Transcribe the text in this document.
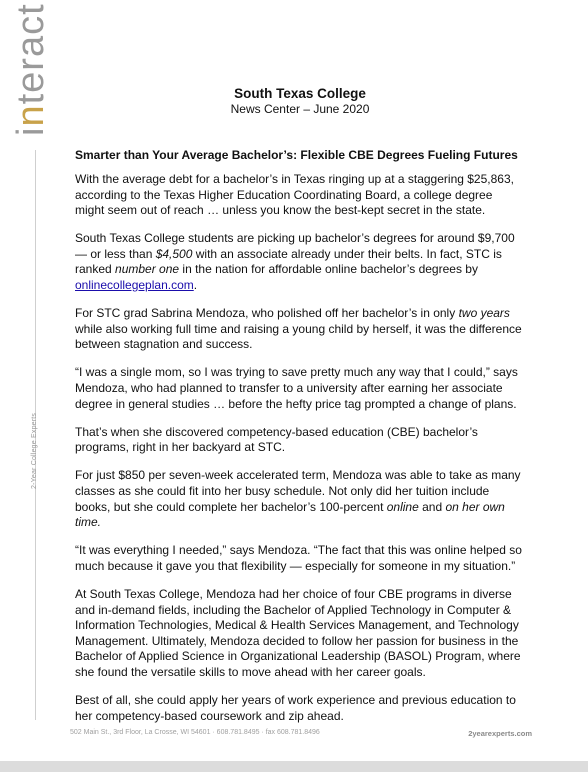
interact
2-Year College Experts
South Texas College
News Center – June 2020
Smarter than Your Average Bachelor’s: Flexible CBE Degrees Fueling Futures

With the average debt for a bachelor’s in Texas ringing up at a staggering $25,863, according to the Texas Higher Education Coordinating Board, a college degree might seem out of reach … unless you know the best-kept secret in the state.

South Texas College students are picking up bachelor’s degrees for around $9,700 — or less than $4,500 with an associate already under their belts. In fact, STC is ranked number one in the nation for affordable online bachelor’s degrees by onlinecollegeplan.com.

For STC grad Sabrina Mendoza, who polished off her bachelor’s in only two years while also working full time and raising a young child by herself, it was the difference between stagnation and success.

“I was a single mom, so I was trying to save pretty much any way that I could,” says Mendoza, who had planned to transfer to a university after earning her associate degree in general studies … before the hefty price tag prompted a change of plans.

That’s when she discovered competency-based education (CBE) bachelor’s programs, right in her backyard at STC.

For just $850 per seven-week accelerated term, Mendoza was able to take as many classes as she could fit into her busy schedule. Not only did her tuition include books, but she could complete her bachelor’s 100-percent online and on her own time.

“It was everything I needed,” says Mendoza. “The fact that this was online helped so much because it gave you that flexibility — especially for someone in my situation.”

At South Texas College, Mendoza had her choice of four CBE programs in diverse and in-demand fields, including the Bachelor of Applied Technology in Computer & Information Technologies, Medical & Health Services Management, and Technology Management. Ultimately, Mendoza decided to follow her passion for business in the Bachelor of Applied Science in Organizational Leadership (BASOL) Program, where she found the versatile skills to move ahead with her career goals.

Best of all, she could apply her years of work experience and previous education to her competency-based coursework and zip ahead.

502 Main St., 3rd Floor, La Crosse, WI 54601 · 608.781.8495 · fax 608.781.8496	2yearexperts.com
